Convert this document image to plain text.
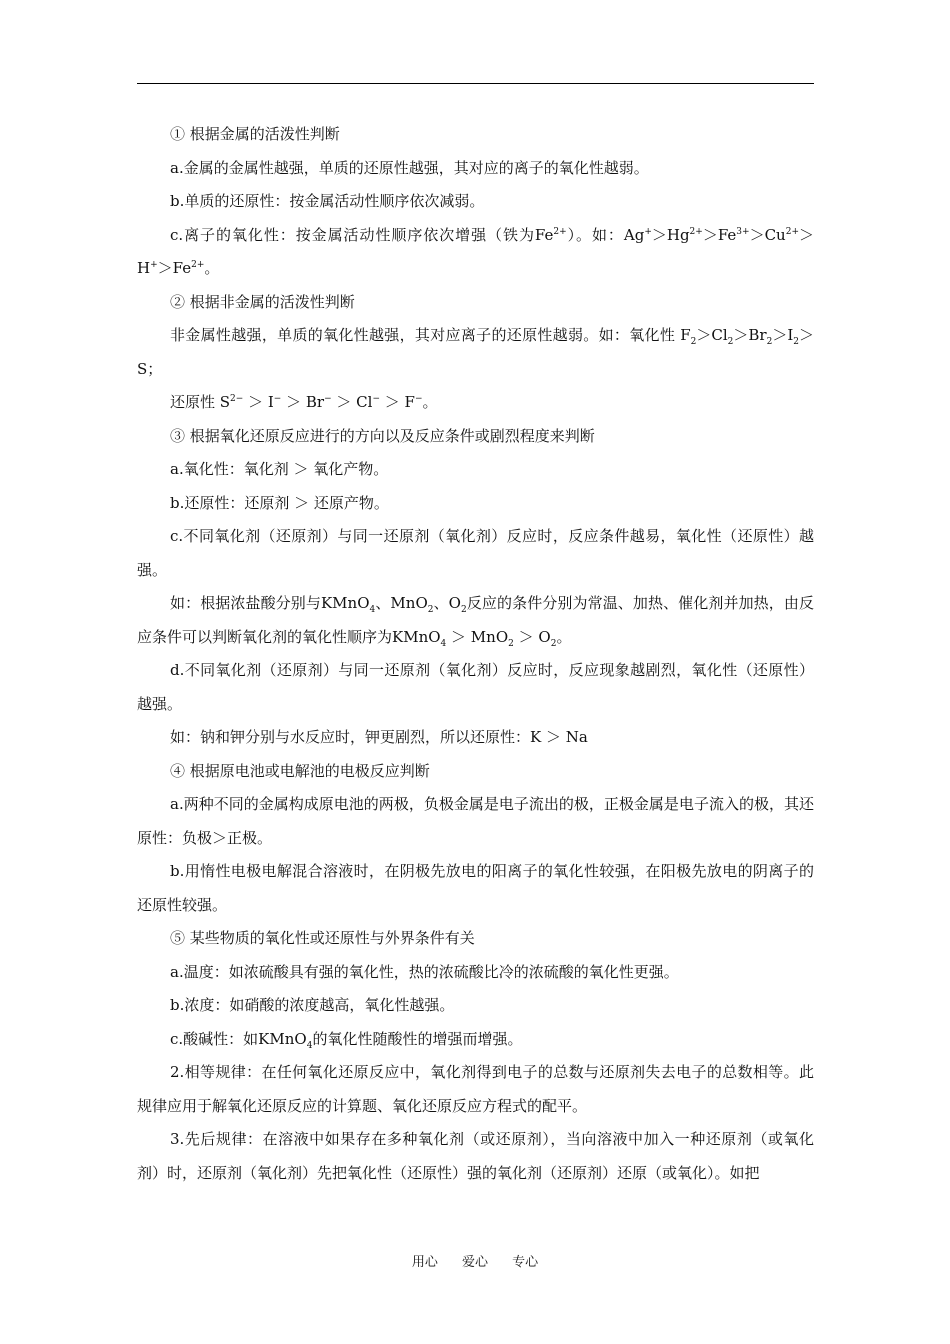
① 根据金属的活泼性判断

a.金属的金属性越强，单质的还原性越强，其对应的离子的氧化性越弱。

b.单质的还原性：按金属活动性顺序依次减弱。

c.离子的氧化性：按金属活动性顺序依次增强（铁为$Fe^{2+}$）。如：$Ag^+>Hg^{2+}>Fe^{3+}>Cu^{2+}>H^+>Fe^{2+}$。

② 根据非金属的活泼性判断

非金属性越强，单质的氧化性越强，其对应离子的还原性越弱。如：氧化性 $F_2>Cl_2>Br_2>I_2>S$；

还原性 $S^{2-} > I^- > Br^- > Cl^- > F^-$。

③ 根据氧化还原反应进行的方向以及反应条件或剧烈程度来判断

a.氧化性：氧化剂 ＞ 氧化产物。

b.还原性：还原剂 ＞ 还原产物。

c.不同氧化剂（还原剂）与同一还原剂（氧化剂）反应时，反应条件越易，氧化性（还原性）越强。

如：根据浓盐酸分别与KMnO$_4$、MnO$_2$、$O_2$反应的条件分别为常温、加热、催化剂并加热，由反应条件可以判断氧化剂的氧化性顺序为KMnO$_4$ ＞ $MnO_2 > O_2$。

d.不同氧化剂（还原剂）与同一还原剂（氧化剂）反应时，反应现象越剧烈，氧化性（还原性）越强。

如：钠和钾分别与水反应时，钾更剧烈，所以还原性：K ＞ Na

④ 根据原电池或电解池的电极反应判断

a.两种不同的金属构成原电池的两极，负极金属是电子流出的极，正极金属是电子流入的极，其还原性：负极＞正极。

b.用惰性电极电解混合溶液时，在阴极先放电的阳离子的氧化性较强，在阳极先放电的阴离子的还原性较强。

⑤ 某些物质的氧化性或还原性与外界条件有关

a.温度：如浓硫酸具有强的氧化性，热的浓硫酸比冷的浓硫酸的氧化性更强。

b.浓度：如硝酸的浓度越高，氧化性越强。

c.酸碱性：如KMnO$_4$的氧化性随酸性的增强而增强。

2.相等规律：在任何氧化还原反应中，氧化剂得到电子的总数与还原剂失去电子的总数相等。此规律应用于解氧化还原反应的计算题、氧化还原反应方程式的配平。

3.先后规律：在溶液中如果存在多种氧化剂（或还原剂），当向溶液中加入一种还原剂（或氧化剂）时，还原剂（氧化剂）先把氧化性（还原性）强的氧化剂（还原剂）还原（或氧化）。如把

用心 爱心 专心
